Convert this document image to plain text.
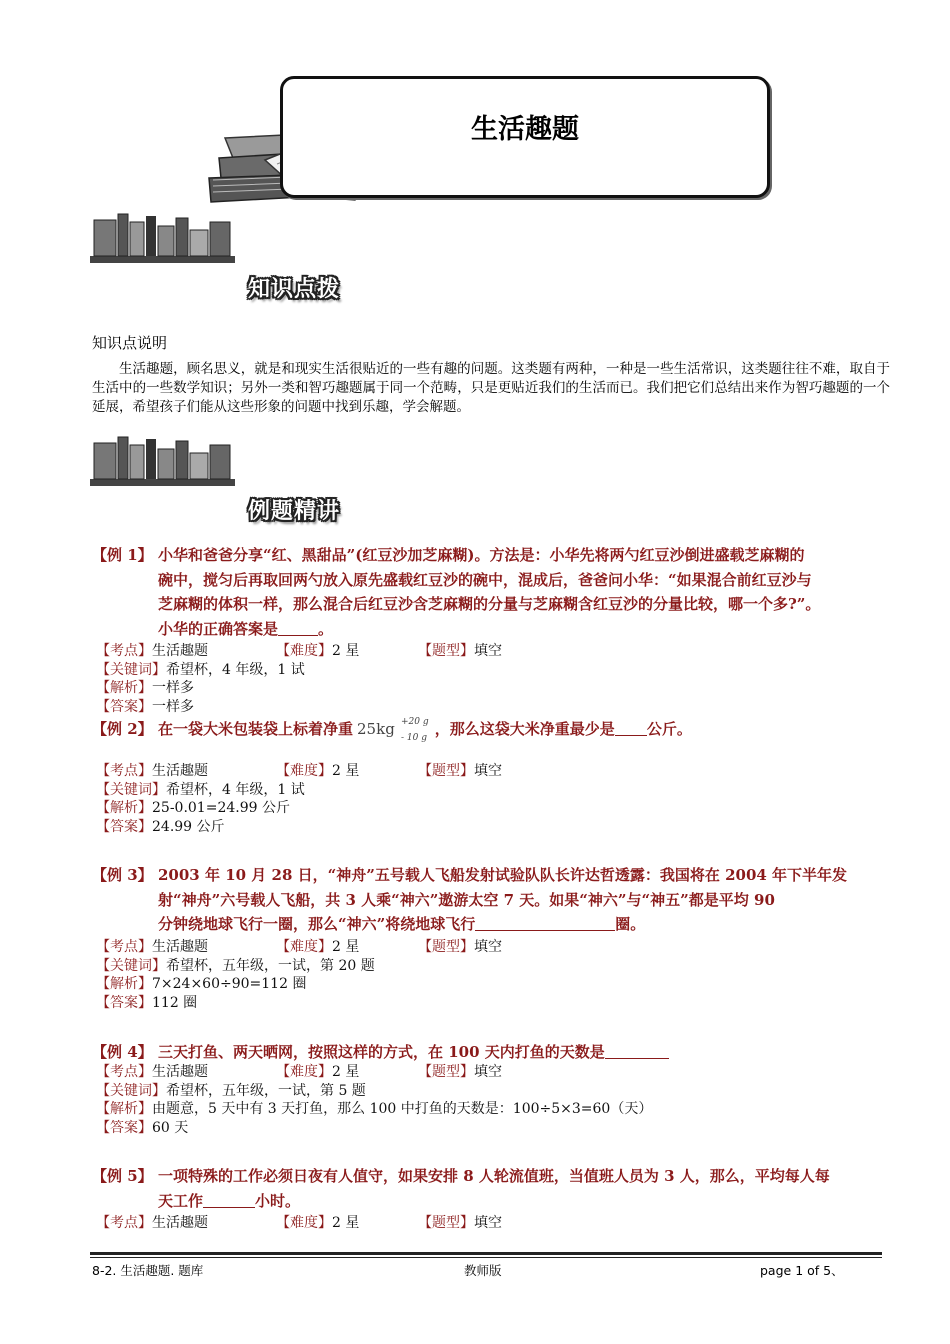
生活趣题
知识点拨
知识点说明
生活趣题，顾名思义，就是和现实生活很贴近的一些有趣的问题。这类题有两种，一种是一些生活常识，这类题往往不难，取自于生活中的一些数学知识；另外一类和智巧趣题属于同一个范畴，只是更贴近我们的生活而已。我们把它们总结出来作为智巧趣题的一个延展，希望孩子们能从这些形象的问题中找到乐趣，学会解题。
例题精讲
【例 1】 小华和爸爸分享“红、黑甜品”(红豆沙加芝麻糊)。方法是：小华先将两勺红豆沙倒进盛载芝麻糊的
碗中，搅匀后再取回两勺放入原先盛载红豆沙的碗中，混成后，爸爸问小华：“如果混合前红豆沙与
芝麻糊的体积一样，那么混合后红豆沙含芝麻糊的分量与芝麻糊含红豆沙的分量比较，哪一个多?”。
小华的正确答案是	。
【考点】生活趣题	【难度】2 星	【题型】填空
【关键词】希望杯，4 年级，1 试
【解析】一样多
【答案】一样多
【例 2】 在一袋大米包装袋上标着净重 25kg +20 g
- 10 g ，那么这袋大米净重最少是 公斤。
【考点】生活趣题	【难度】2 星	【题型】填空
【关键词】希望杯，4 年级，1 试
【解析】25-0.01=24.99 公斤
【答案】24.99 公斤
【例 3】 2003 年 10 月 28 日，“神舟”五号载人飞船发射试验队队长许达哲透露：我国将在 2004 年下半年发
射“神舟”六号载人飞船，共 3 人乘“神六”遨游太空 7 天。如果“神六”与“神五”都是平均 90
分钟绕地球飞行一圈，那么“神六”将绕地球飞行	圈。
【考点】生活趣题	【难度】2 星	【题型】填空
【关键词】希望杯，五年级，一试，第 20 题
【解析】7×24×60÷90=112 圈
【答案】112 圈
【例 4】 三天打鱼、两天晒网，按照这样的方式，在 100 天内打鱼的天数是
【考点】生活趣题	【难度】2 星	【题型】填空
【关键词】希望杯，五年级，一试，第 5 题
【解析】由题意，5 天中有 3 天打鱼，那么 100 中打鱼的天数是：100÷5×3=60（天）
【答案】60 天
【例 5】 一项特殊的工作必须日夜有人值守，如果安排 8 人轮流值班，当值班人员为 3 人，那么，平均每人每
天工作	小时。
【考点】生活趣题	【难度】2 星	【题型】填空
8-2. 生活趣题. 题库	教师版	page 1 of 5、
